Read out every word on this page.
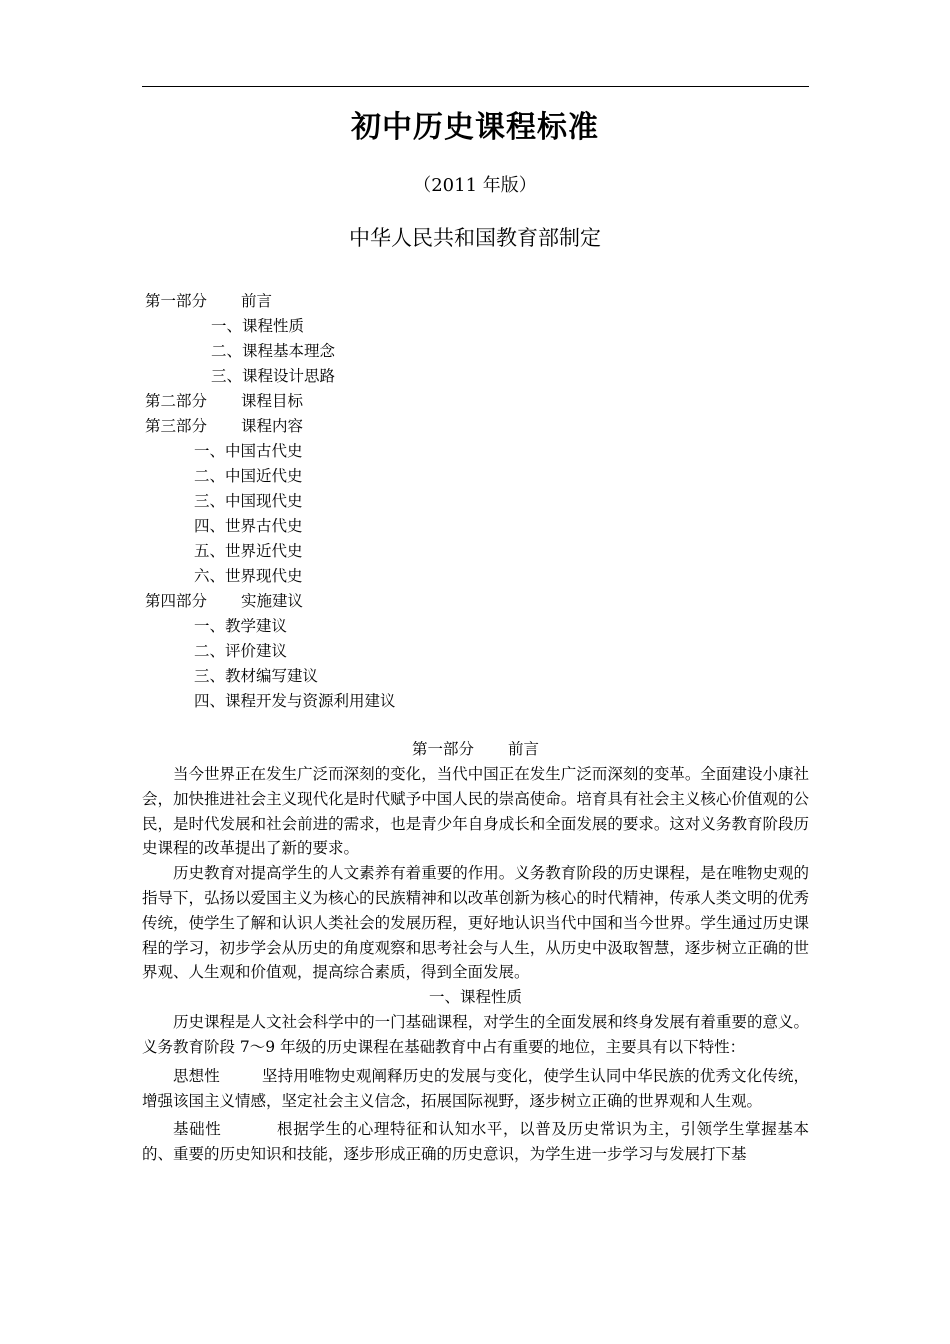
初中历史课程标准
（2011 年版）
中华人民共和国教育部制定
第一部分 前言
一、课程性质
二、课程基本理念
三、课程设计思路
第二部分 课程目标
第三部分 课程内容
一、中国古代史
二、中国近代史
三、中国现代史
四、世界古代史
五、世界近代史
六、世界现代史
第四部分 实施建议
一、教学建议
二、评价建议
三、教材编写建议
四、课程开发与资源利用建议
第一部分 前言

当今世界正在发生广泛而深刻的变化，当代中国正在发生广泛而深刻的变革。全面建设小康社会，加快推进社会主义现代化是时代赋予中国人民的崇高使命。培育具有社会主义核心价值观的公民，是时代发展和社会前进的需求，也是青少年自身成长和全面发展的要求。这对义务教育阶段历史课程的改革提出了新的要求。

历史教育对提高学生的人文素养有着重要的作用。义务教育阶段的历史课程，是在唯物史观的指导下，弘扬以爱国主义为核心的民族精神和以改革创新为核心的时代精神，传承人类文明的优秀传统，使学生了解和认识人类社会的发展历程，更好地认识当代中国和当今世界。学生通过历史课程的学习，初步学会从历史的角度观察和思考社会与人生，从历史中汲取智慧，逐步树立正确的世界观、人生观和价值观，提高综合素质，得到全面发展。

一、课程性质

历史课程是人文社会科学中的一门基础课程，对学生的全面发展和终身发展有着重要的意义。义务教育阶段 7～9 年级的历史课程在基础教育中占有重要的地位，主要具有以下特性：

思想性	坚持用唯物史观阐释历史的发展与变化，使学生认同中华民族的优秀文化传统，增强该国主义情感，坚定社会主义信念，拓展国际视野，逐步树立正确的世界观和人生观。

基础性	根据学生的心理特征和认知水平，以普及历史常识为主，引领学生掌握基本的、重要的历史知识和技能，逐步形成正确的历史意识，为学生进一步学习与发展打下基
